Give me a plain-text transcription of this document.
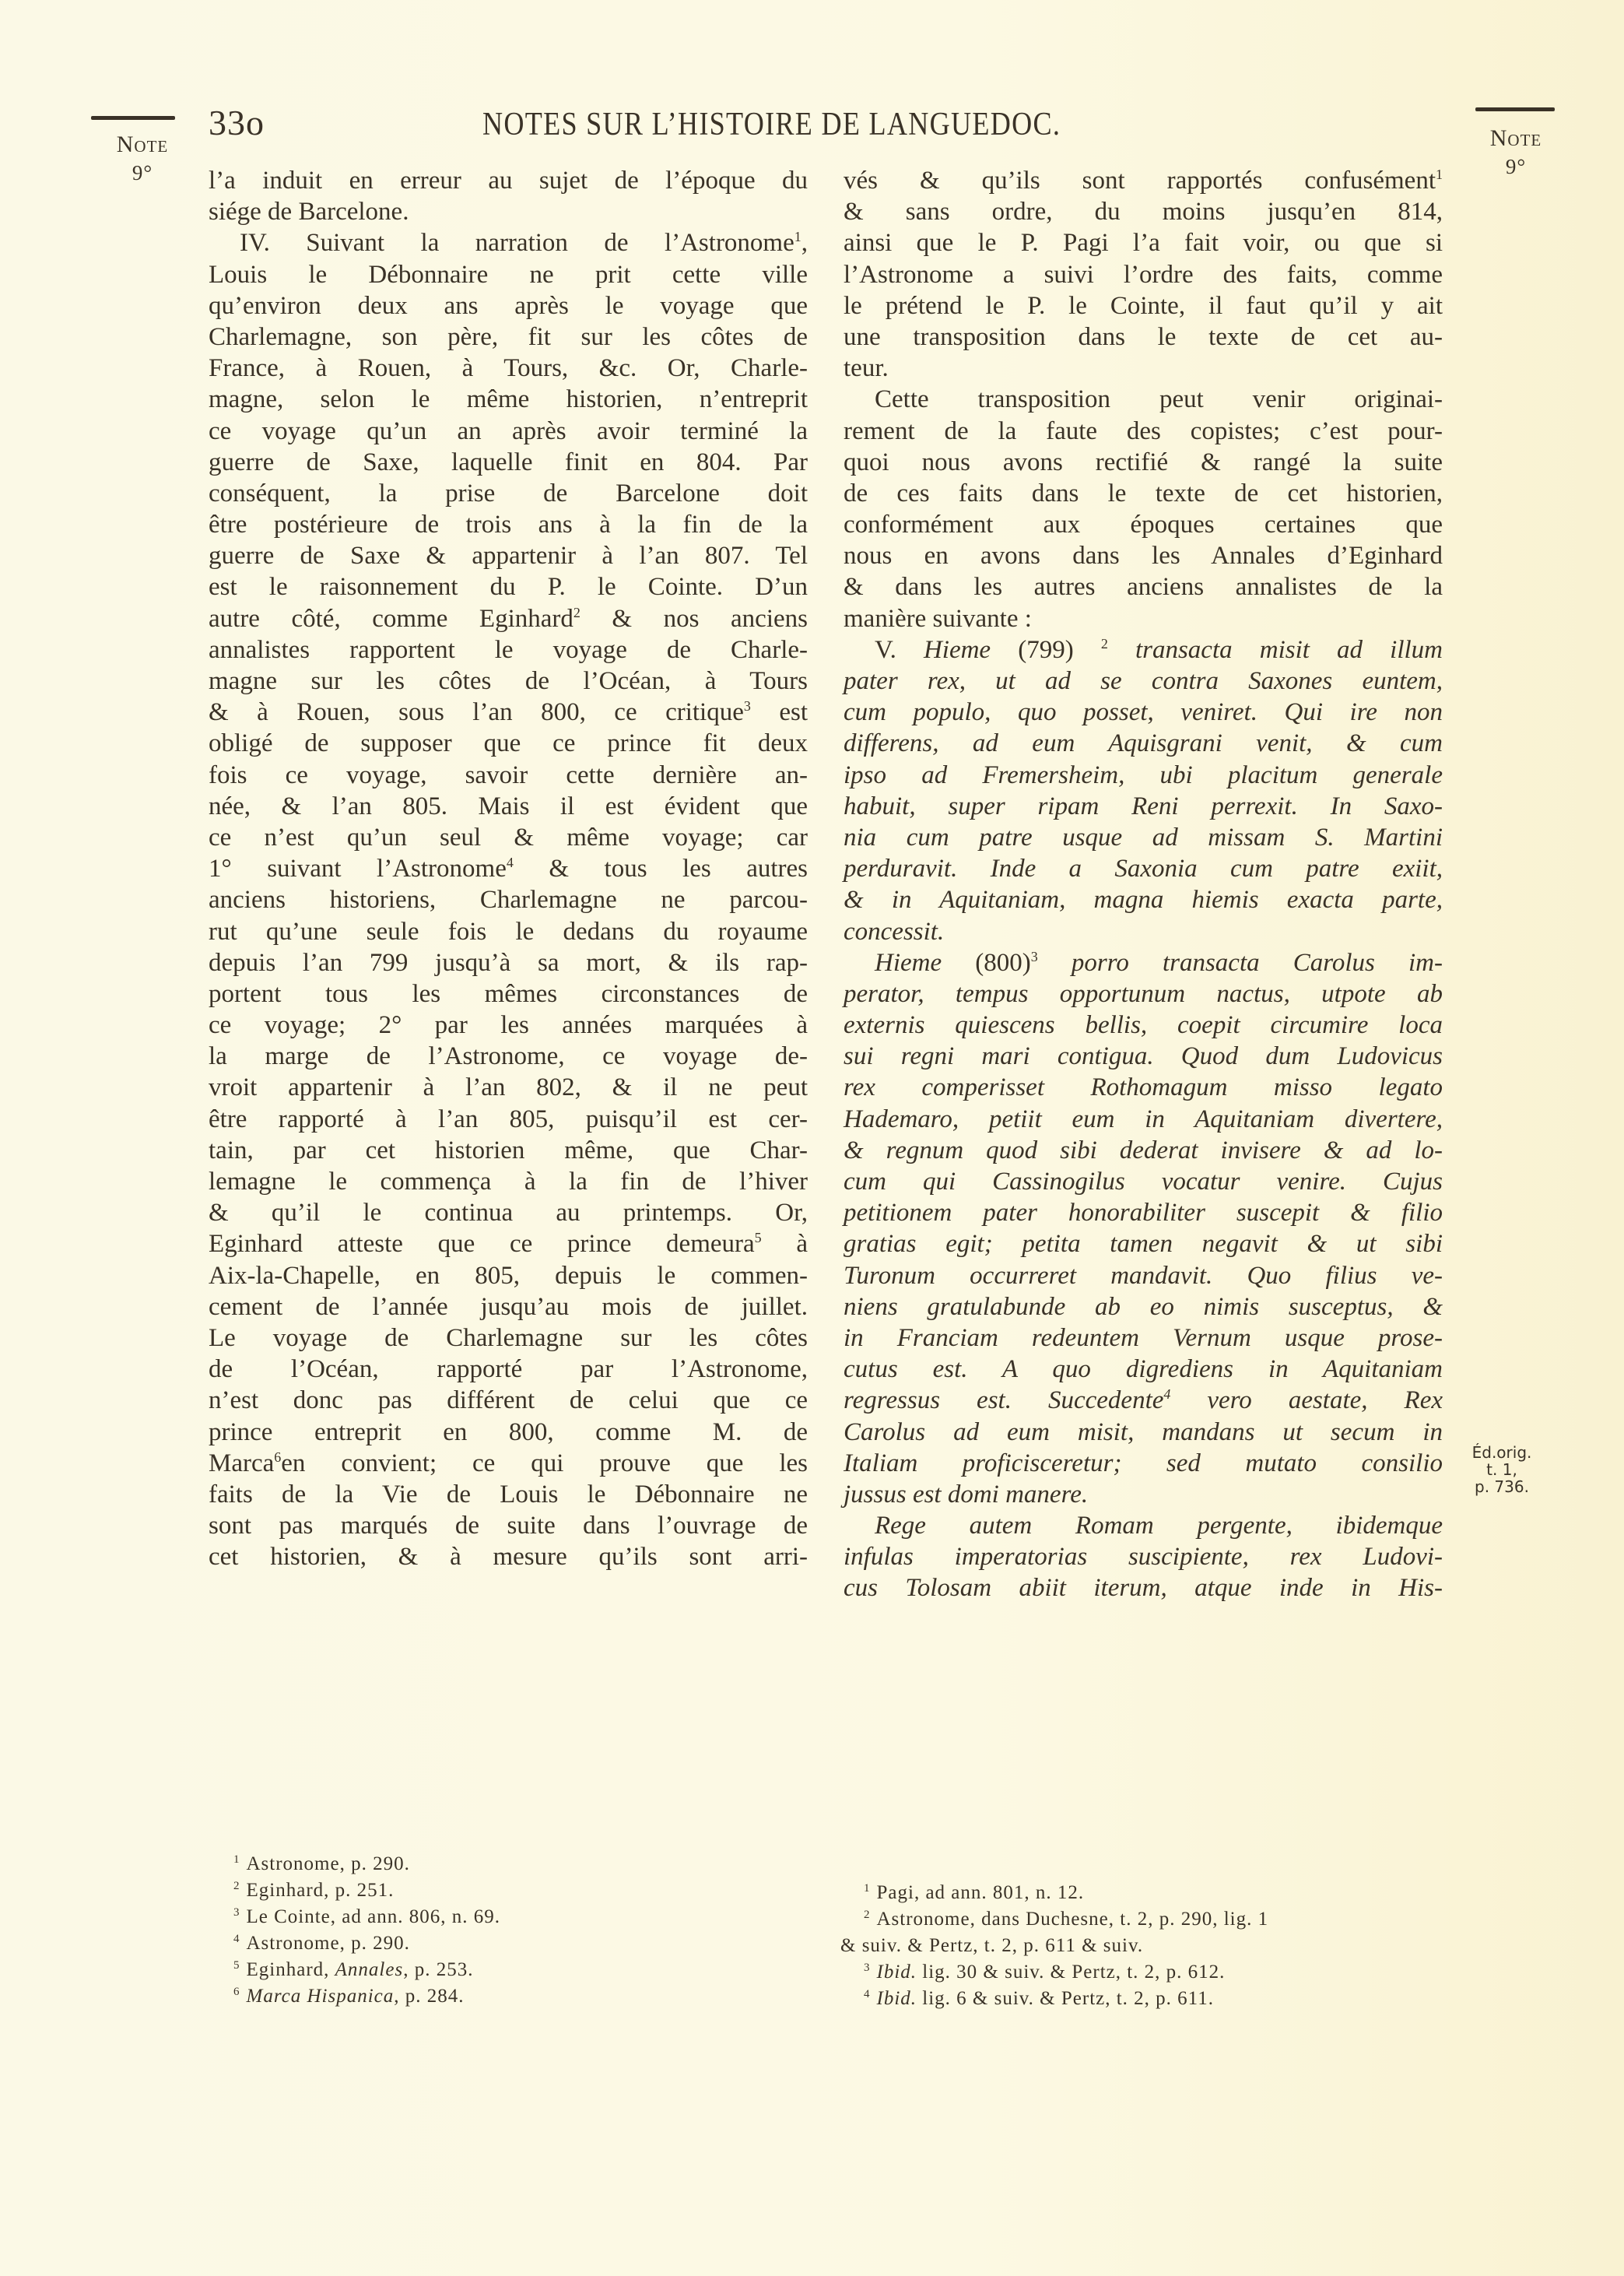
Note
9°
Note
9°
33o	NOTES SUR L’HISTOIRE DE LANGUEDOC.
l’a induit en erreur au sujet de l’époque du
siége de Barcelone.
IV. Suivant la narration de l’Astronome$^1$,
Louis le Débonnaire ne prit cette ville
qu’environ deux ans après le voyage que
Charlemagne, son père, fit sur les côtes de
France, à Rouen, à Tours, &c. Or, Charle-
magne, selon le même historien, n’entreprit
ce voyage qu’un an après avoir terminé la
guerre de Saxe, laquelle finit en 804. Par
conséquent, la prise de Barcelone doit
être postérieure de trois ans à la fin de la
guerre de Saxe & appartenir à l’an 807. Tel
est le raisonnement du P. le Cointe. D’un
autre côté, comme Eginhard$^2$ & nos anciens
annalistes rapportent le voyage de Charle-
magne sur les côtes de l’Océan, à Tours
& à Rouen, sous l’an 800, ce critique$^3$ est
obligé de supposer que ce prince fit deux
fois ce voyage, savoir cette dernière an-
née, & l’an 805. Mais il est évident que
ce n’est qu’un seul & même voyage; car
1° suivant l’Astronome$^4$ & tous les autres
anciens historiens, Charlemagne ne parcou-
rut qu’une seule fois le dedans du royaume
depuis l’an 799 jusqu’à sa mort, & ils rap-
portent tous les mêmes circonstances de
ce voyage; 2° par les années marquées à
la marge de l’Astronome, ce voyage de-
vroit appartenir à l’an 802, & il ne peut
être rapporté à l’an 805, puisqu’il est cer-
tain, par cet historien même, que Char-
lemagne le commença à la fin de l’hiver
& qu’il le continua au printemps. Or,
Eginhard atteste que ce prince demeura$^5$ à
Aix-la-Chapelle, en 805, depuis le commen-
cement de l’année jusqu’au mois de juillet.
Le voyage de Charlemagne sur les côtes
de l’Océan, rapporté par l’Astronome,
n’est donc pas différent de celui que ce
prince entreprit en 800, comme M. de
Marca$^6$en convient; ce qui prouve que les
faits de la Vie de Louis le Débonnaire ne
sont pas marqués de suite dans l’ouvrage de
cet historien, & à mesure qu’ils sont arri-
$^1$ Astronome, p. 290.
$^2$ Eginhard, p. 251.
$^3$ Le Cointe, ad ann. 806, n. 69.
$^4$ Astronome, p. 290.
$^5$ Eginhard, Annales, p. 253.
$^6$ Marca Hispanica, p. 284.
vés & qu’ils sont rapportés confusément$^1$
& sans ordre, du moins jusqu’en 814,
ainsi que le P. Pagi l’a fait voir, ou que si
l’Astronome a suivi l’ordre des faits, comme
le prétend le P. le Cointe, il faut qu’il y ait
une transposition dans le texte de cet au-
teur.
Cette transposition peut venir originai-
rement de la faute des copistes; c’est pour-
quoi nous avons rectifié & rangé la suite
de ces faits dans le texte de cet historien,
conformément aux époques certaines que
nous en avons dans les Annales d’Eginhard
& dans les autres anciens annalistes de la
manière suivante :
V. Hieme (799) $^2$ transacta misit ad illum
pater rex, ut ad se contra Saxones euntem,
cum populo, quo posset, veniret. Qui ire non
differens, ad eum Aquisgrani venit, & cum
ipso ad Fremersheim, ubi placitum generale
habuit, super ripam Reni perrexit. In Saxo-
nia cum patre usque ad missam S. Martini
perduravit. Inde a Saxonia cum patre exiit,
& in Aquitaniam, magna hiemis exacta parte,
concessit.
Hieme $(800)^3$ porro transacta Carolus im-
perator, tempus opportunum nactus, utpote ab
externis quiescens bellis, coepit circumire loca
sui regni mari contigua. Quod dum Ludovicus
rex comperisset Rothomagum misso legato
Hademaro, petiit eum in Aquitaniam divertere,
& regnum quod sibi dederat invisere & ad lo-
cum qui Cassinogilus vocatur venire. Cujus
petitionem pater honorabiliter suscepit & filio
gratias egit; petita tamen negavit & ut sibi
Turonum occurreret mandavit. Quo filius ve-
niens gratulabunde ab eo nimis susceptus, &
in Franciam redeuntem Vernum usque prose-
cutus est. A quo digrediens in Aquitaniam
regressus est. Succedente$^4$ vero aestate, Rex
Carolus ad eum misit, mandans ut secum in
Italiam proficisceretur; sed mutato consilio
jussus est domi manere.
Rege autem Romam pergente, ibidemque
infulas imperatorias suscipiente, rex Ludovi-
cus Tolosam abiit iterum, atque inde in His-
$^1$ Pagi, ad ann. 801, n. 12.
$^2$ Astronome, dans Duchesne, t. 2, p. 290, lig. 1
& suiv. & Pertz, t. 2, p. 611 & suiv.
$^3$ Ibid. lig. 30 & suiv. & Pertz, t. 2, p. 612.
$^4$ Ibid. lig. 6 & suiv. & Pertz, t. 2, p. 611.
Éd.orig.
t. 1,
p. 736.
